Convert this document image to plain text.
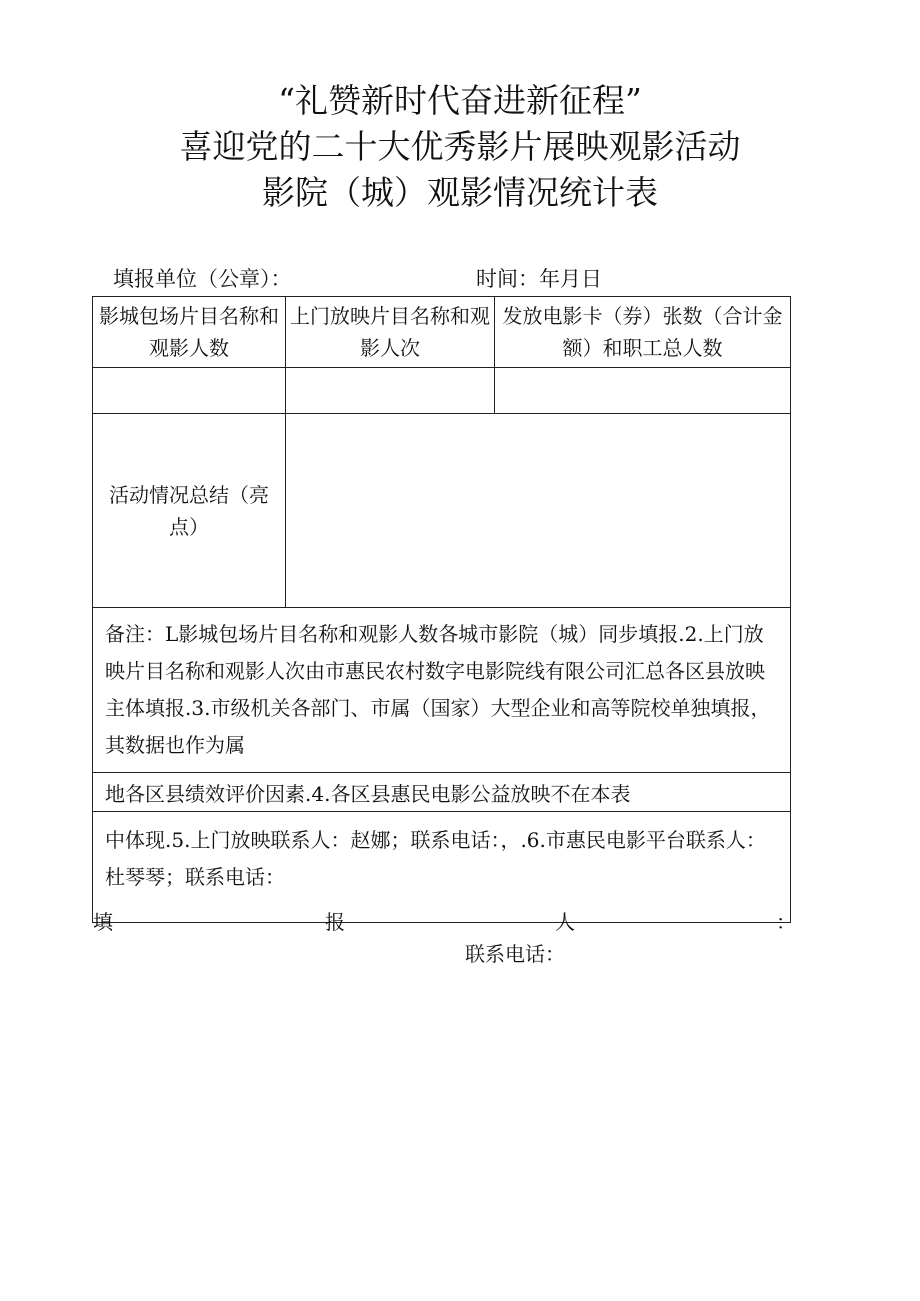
“礼赞新时代奋进新征程”
喜迎党的二十大优秀影片展映观影活动
影院（城）观影情况统计表
填报单位（公章）：	时间：年月日
影城包场片目名称和观影人数	上门放映片目名称和观影人次	发放电影卡（券）张数（合计金额）和职工总人数

活动情况总结（亮点）		

备注：L影城包场片目名称和观影人数各城市影院（城）同步填报.2.上门放映片目名称和观影人次由市惠民农村数字电影院线有限公司汇总各区县放映主体填报.3.市级机关各部门、市属（国家）大型企业和高等院校单独填报，其数据也作为属		
地各区县绩效评价因素.4.各区县惠民电影公益放映不在本表		
中体现.5.上门放映联系人：赵娜；联系电话：，.6.市惠民电影平台联系人：杜琴琴；联系电话：		
填	报	人	：
联系电话：
